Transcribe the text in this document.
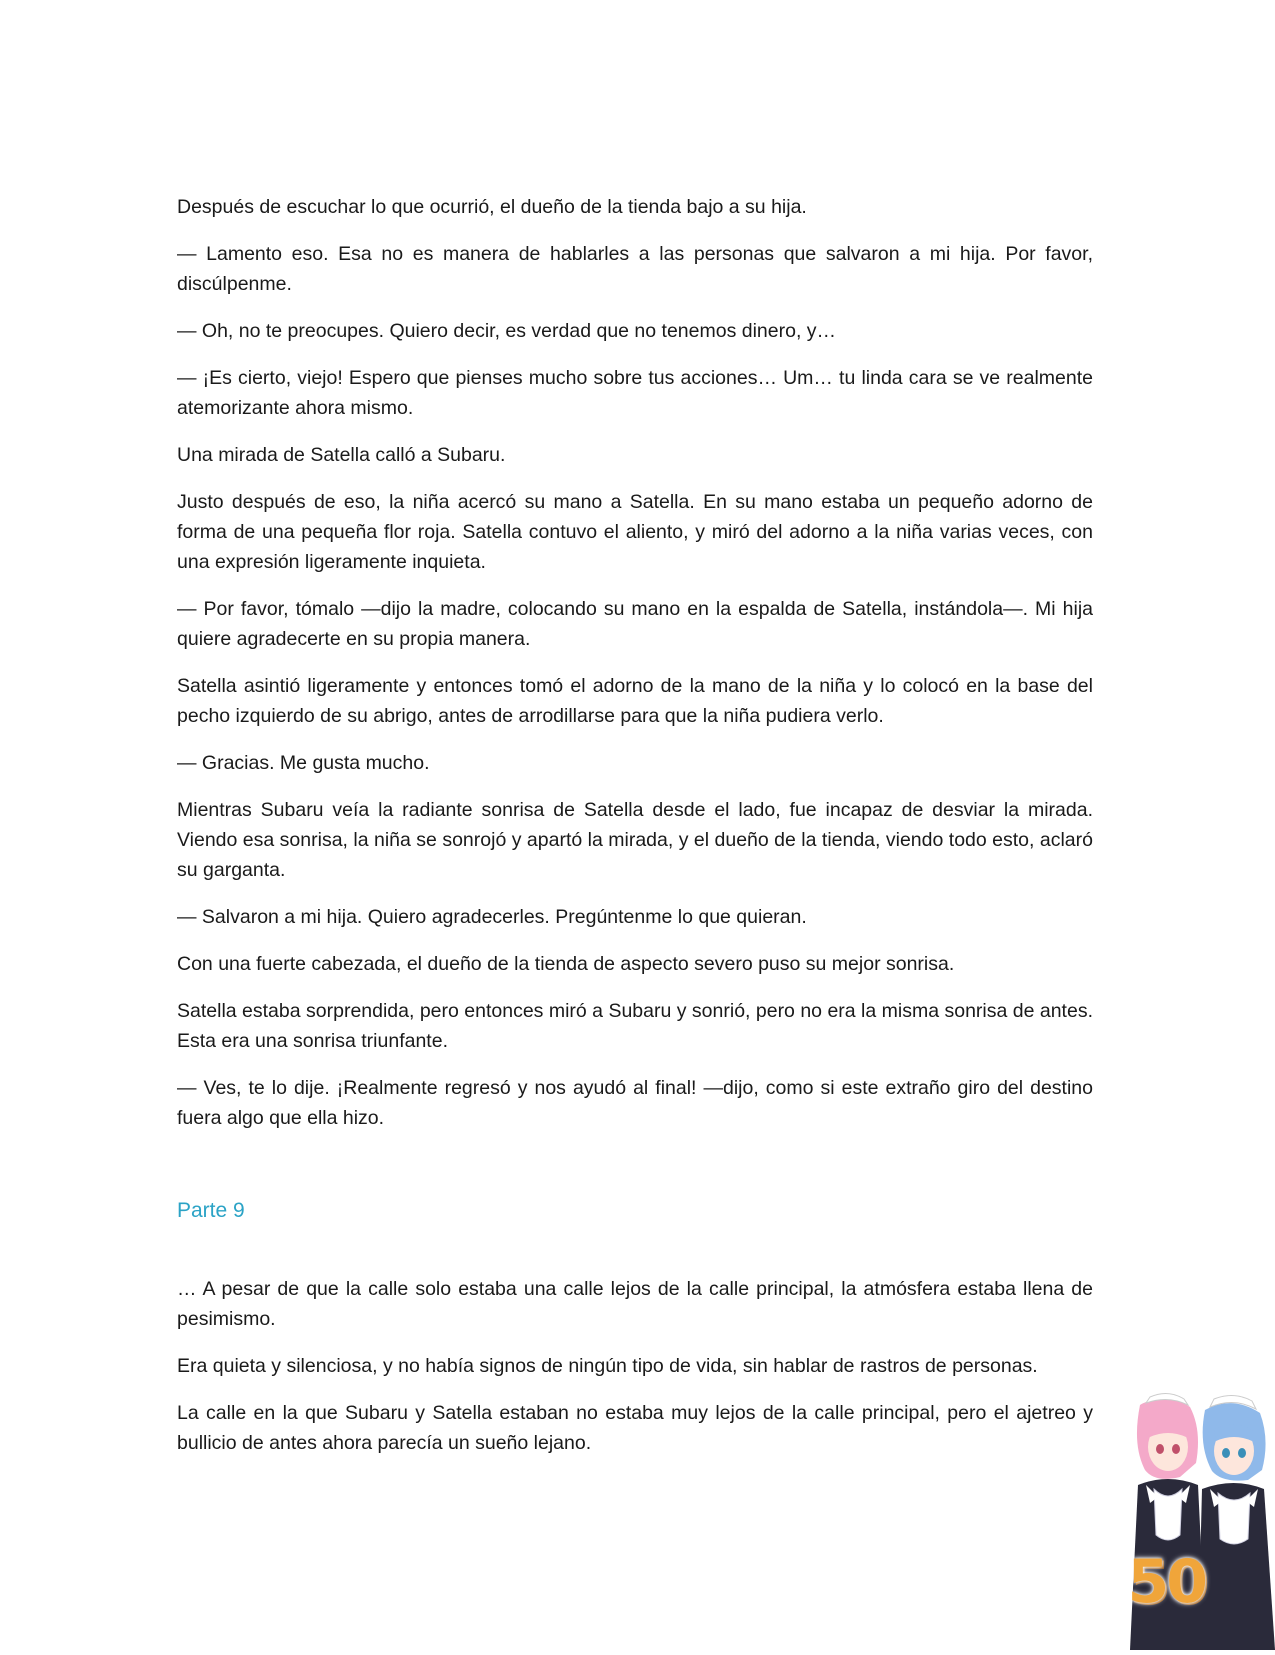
Después de escuchar lo que ocurrió, el dueño de la tienda bajo a su hija.

— Lamento eso. Esa no es manera de hablarles a las personas que salvaron a mi hija. Por favor, discúlpenme.

— Oh, no te preocupes. Quiero decir, es verdad que no tenemos dinero, y…

— ¡Es cierto, viejo! Espero que pienses mucho sobre tus acciones… Um… tu linda cara se ve realmente atemorizante ahora mismo.

Una mirada de Satella calló a Subaru.

Justo después de eso, la niña acercó su mano a Satella. En su mano estaba un pequeño adorno de forma de una pequeña flor roja. Satella contuvo el aliento, y miró del adorno a la niña varias veces, con una expresión ligeramente inquieta.

— Por favor, tómalo —dijo la madre, colocando su mano en la espalda de Satella, instándola—. Mi hija quiere agradecerte en su propia manera.

Satella asintió ligeramente y entonces tomó el adorno de la mano de la niña y lo colocó en la base del pecho izquierdo de su abrigo, antes de arrodillarse para que la niña pudiera verlo.

— Gracias. Me gusta mucho.

Mientras Subaru veía la radiante sonrisa de Satella desde el lado, fue incapaz de desviar la mirada. Viendo esa sonrisa, la niña se sonrojó y apartó la mirada, y el dueño de la tienda, viendo todo esto, aclaró su garganta.

— Salvaron a mi hija. Quiero agradecerles. Pregúntenme lo que quieran.

Con una fuerte cabezada, el dueño de la tienda de aspecto severo puso su mejor sonrisa.

Satella estaba sorprendida, pero entonces miró a Subaru y sonrió, pero no era la misma sonrisa de antes. Esta era una sonrisa triunfante.

— Ves, te lo dije. ¡Realmente regresó y nos ayudó al final! —dijo, como si este extraño giro del destino fuera algo que ella hizo.

Parte 9

… A pesar de que la calle solo estaba una calle lejos de la calle principal, la atmósfera estaba llena de pesimismo.

Era quieta y silenciosa, y no había signos de ningún tipo de vida, sin hablar de rastros de personas.

La calle en la que Subaru y Satella estaban no estaba muy lejos de la calle principal, pero el ajetreo y bullicio de antes ahora parecía un sueño lejano.

50
